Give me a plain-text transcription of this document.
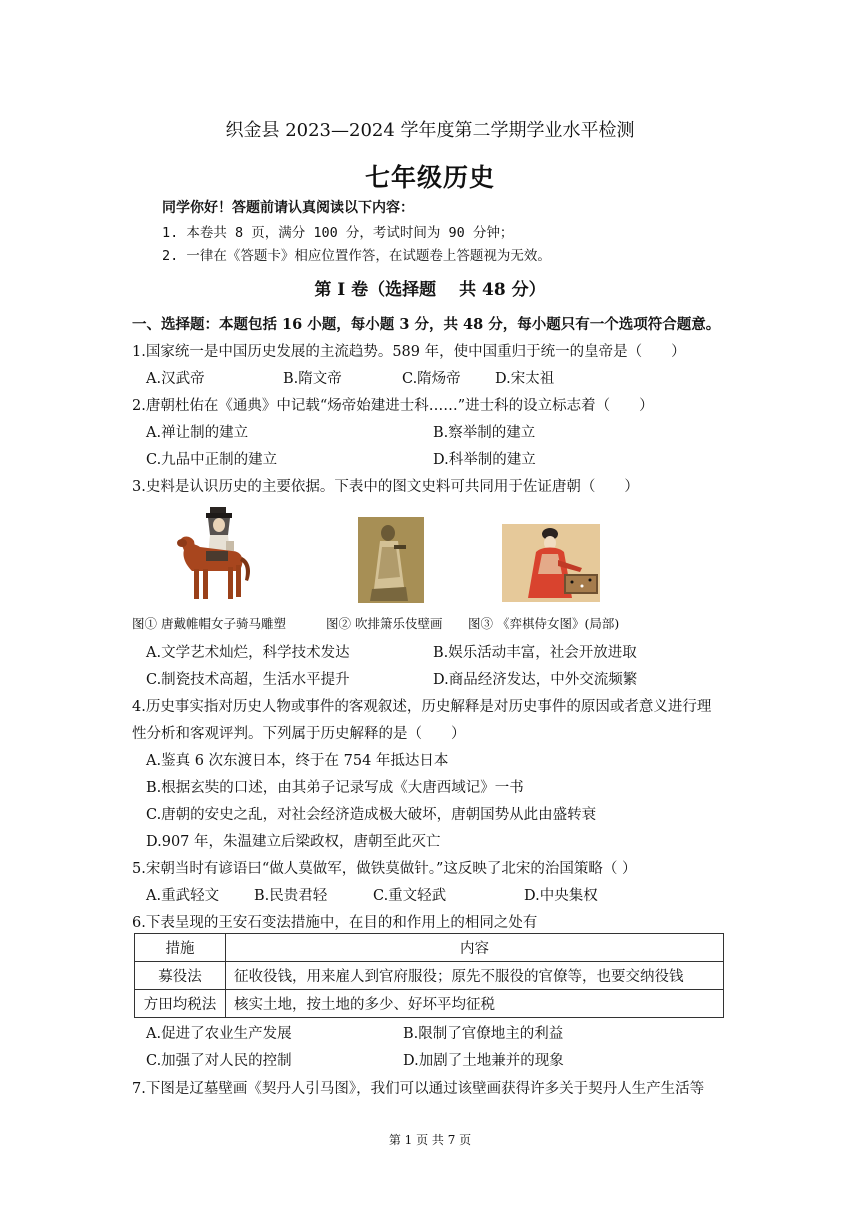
织金县 2023—2024 学年度第二学期学业水平检测
七年级历史
同学你好！答题前请认真阅读以下内容：
1. 本卷共 8 页，满分 100 分，考试时间为 90 分钟；
2. 一律在《答题卡》相应位置作答，在试题卷上答题视为无效。
第 I 卷（选择题　 共 48 分）
一、选择题：本题包括 16 小题，每小题 3 分，共 48 分，每小题只有一个选项符合题意。
1.国家统一是中国历史发展的主流趋势。589 年，使中国重归于统一的皇帝是（　　）
A.汉武帝	B.隋文帝	C.隋炀帝 D.宋太祖
2.唐朝杜佑在《通典》中记载“炀帝始建进士科……”进士科的设立标志着（　　）
A.禅让制的建立	B.察举制的建立
C.九品中正制的建立	D.科举制的建立
3.史料是认识历史的主要依据。下表中的图文史料可共同用于佐证唐朝（　　）
图① 唐戴帷帽女子骑马雕塑	图② 吹排箫乐伎壁画 图③ 《弈棋侍女图》(局部)
A.文学艺术灿烂，科学技术发达	B.娱乐活动丰富，社会开放进取
C.制瓷技术高超，生活水平提升	D.商品经济发达，中外交流频繁
4.历史事实指对历史人物或事件的客观叙述，历史解释是对历史事件的原因或者意义进行理
性分析和客观评判。下列属于历史解释的是（　　）
A.鉴真 6 次东渡日本，终于在 754 年抵达日本
B.根据玄奘的口述，由其弟子记录写成《大唐西域记》一书
C.唐朝的安史之乱，对社会经济造成极大破坏，唐朝国势从此由盛转衰
D.907 年，朱温建立后梁政权，唐朝至此灭亡
5.宋朝当时有谚语曰“做人莫做军，做铁莫做针。”这反映了北宋的治国策略（ ）
A.重武轻文 B.民贵君轻	C.重文轻武	D.中央集权
6.下表呈现的王安石变法措施中，在目的和作用上的相同之处有
措施	内容
募役法	征收役钱，用来雇人到官府服役；原先不服役的官僚等，也要交纳役钱
方田均税法	核实土地，按土地的多少、好坏平均征税
A.促进了农业生产发展	B.限制了官僚地主的利益
C.加强了对人民的控制	D.加剧了土地兼并的现象
7.下图是辽墓壁画《契丹人引马图》，我们可以通过该壁画获得许多关于契丹人生产生活等
第 1 页 共 7 页
